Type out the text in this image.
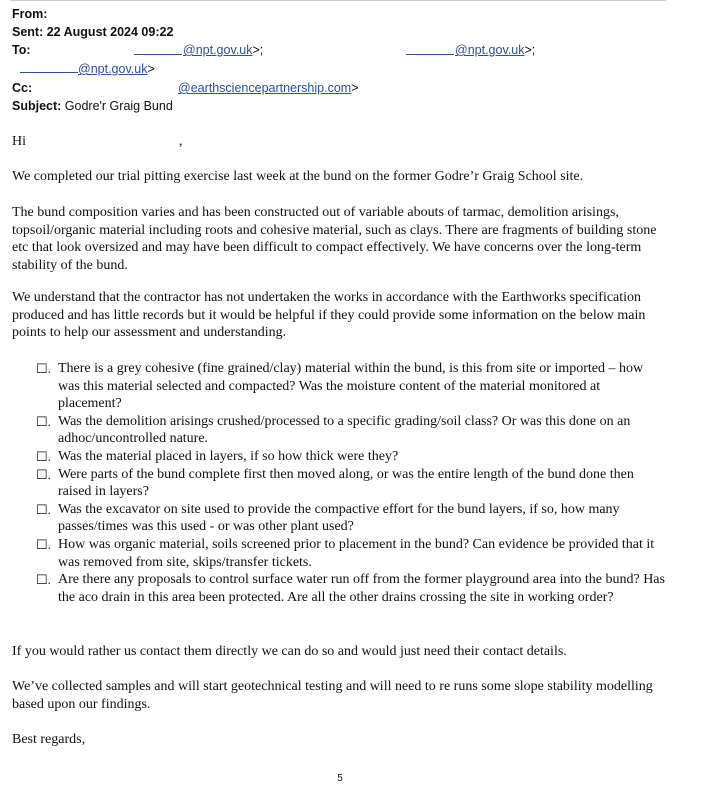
From:
Sent: 22 August 2024 09:22
To:	@npt.gov.uk>;	@npt.gov.uk>;
@npt.gov.uk>
Cc:	@earthsciencepartnership.com>
Subject: Godre'r Graig Bund
Hi	,
We completed our trial pitting exercise last week at the bund on the former Godre’r Graig School site.
The bund composition varies and has been constructed out of variable abouts of tarmac, demolition arisings, topsoil/organic material including roots and cohesive material, such as clays. There are fragments of building stone etc that look oversized and may have been difficult to compact effectively. We have concerns over the long-term stability of the bund.
We understand that the contractor has not undertaken the works in accordance with the Earthworks specification produced and has little records but it would be helpful if they could provide some information on the below main points to help our assessment and understanding.
☐. There is a grey cohesive (fine grained/clay) material within the bund, is this from site or imported – how was this material selected and compacted? Was the moisture content of the material monitored at placement?
☐. Was the demolition arisings crushed/processed to a specific grading/soil class? Or was this done on an adhoc/uncontrolled nature.
☐. Was the material placed in layers, if so how thick were they?
☐. Were parts of the bund complete first then moved along, or was the entire length of the bund done then raised in layers?
☐. Was the excavator on site used to provide the compactive effort for the bund layers, if so, how many passes/times was this used - or was other plant used?
☐. How was organic material, soils screened prior to placement in the bund? Can evidence be provided that it was removed from site, skips/transfer tickets.
☐. Are there any proposals to control surface water run off from the former playground area into the bund? Has the aco drain in this area been protected. Are all the other drains crossing the site in working order?
If you would rather us contact them directly we can do so and would just need their contact details.
We’ve collected samples and will start geotechnical testing and will need to re runs some slope stability modelling based upon our findings.
Best regards,
5
